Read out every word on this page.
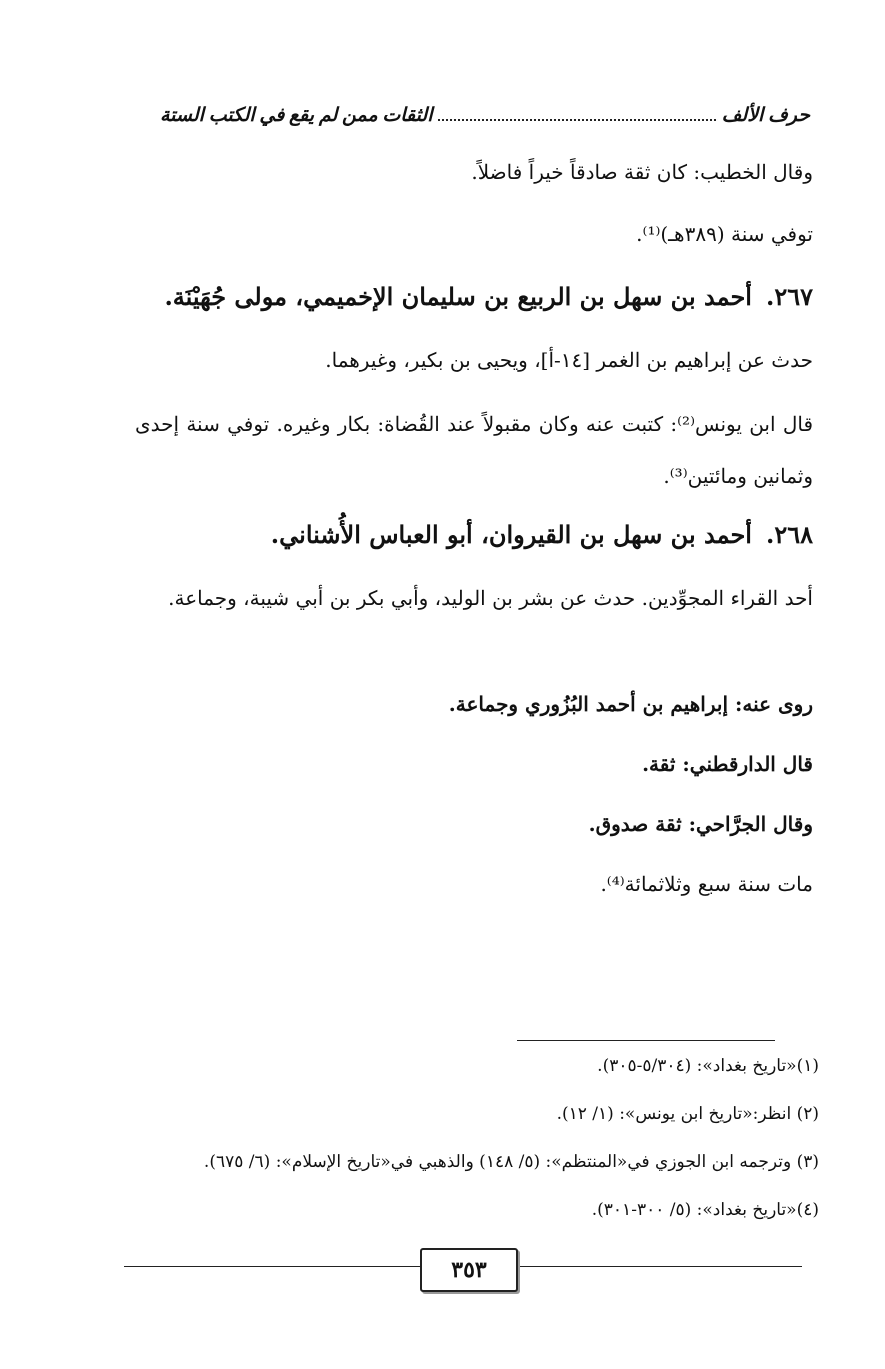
حرف الألف
الثقات ممن لم يقع في الكتب الستة
وقال الخطيب: كان ثقة صادقاً خيراً فاضلاً.
توفي سنة (٣٨٩هـ)⁽¹⁾.
٢٦٧.أحمد بن سهل بن الربيع بن سليمان الإخميمي، مولى جُهَيْنَة.
حدث عن إبراهيم بن الغمر [١٤-أ]، ويحيى بن بكير، وغيرهما.
قال ابن يونس⁽²⁾: كتبت عنه وكان مقبولاً عند القُضاة: بكار وغيره. توفي سنة إحدى وثمانين ومائتين⁽³⁾.
٢٦٨.أحمد بن سهل بن القيروان، أبو العباس الأُشناني.
أحد القراء المجوِّدين. حدث عن بشر بن الوليد، وأبي بكر بن أبي شيبة، وجماعة.
روى عنه: إبراهيم بن أحمد البُزُوري وجماعة.
قال الدارقطني: ثقة.
وقال الجرَّاحي: ثقة صدوق.
مات سنة سبع وثلاثمائة⁽⁴⁾.
(١)«تاريخ بغداد»: (٥/٣٠٤-٣٠٥).
(٢) انظر:«تاريخ ابن يونس»: (١/ ١٢).
(٣) وترجمه ابن الجوزي في«المنتظم»: (٥/ ١٤٨) والذهبي في«تاريخ الإسلام»: (٦/ ٦٧٥).
(٤)«تاريخ بغداد»: (٥/ ٣٠٠-٣٠١).
٣٥٣
